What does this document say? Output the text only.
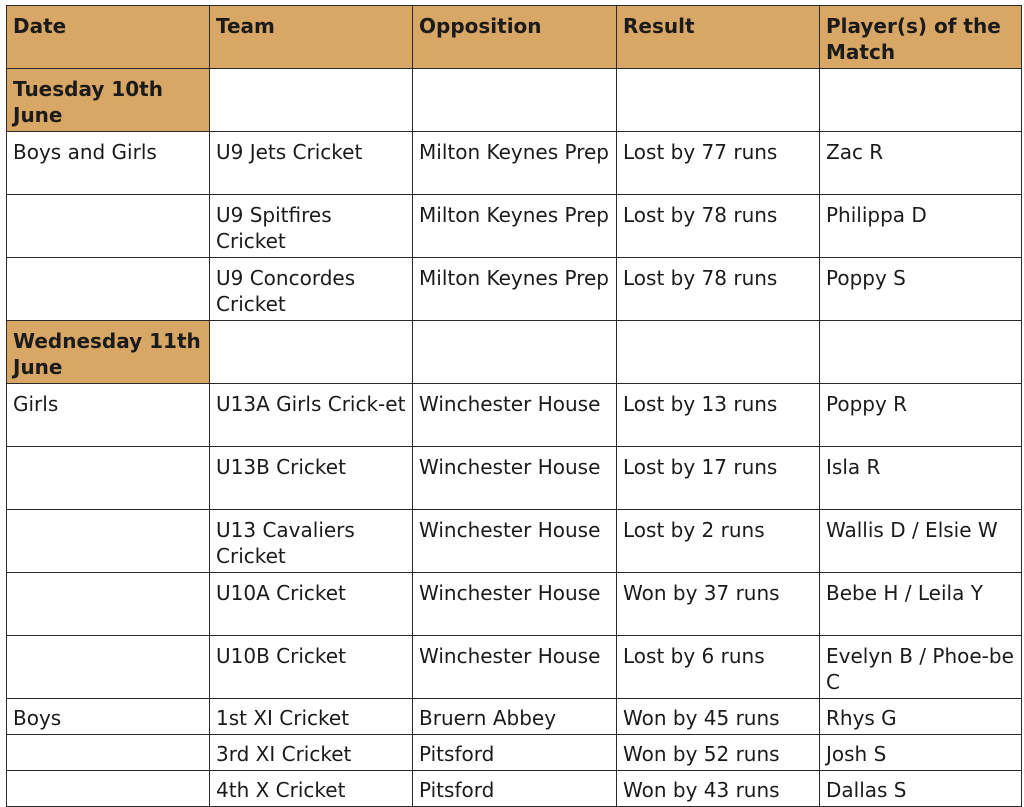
Date	Team	Opposition	Result	Player(s) of the Match
Tuesday 10th June				
Boys and Girls	U9 Jets Cricket	Milton Keynes Prep	Lost by 77 runs	Zac R
	U9 Spitfires Cricket	Milton Keynes Prep	Lost by 78 runs	Philippa D
	U9 Concordes Cricket	Milton Keynes Prep	Lost by 78 runs	Poppy S
Wednesday 11th June				
Girls	U13A Girls Crick-et	Winchester House	Lost by 13 runs	Poppy R
	U13B Cricket	Winchester House	Lost by 17 runs	Isla R
	U13 Cavaliers Cricket	Winchester House	Lost by 2 runs	Wallis D / Elsie W
	U10A Cricket	Winchester House	Won by 37 runs	Bebe H / Leila Y
	U10B Cricket	Winchester House	Lost by 6 runs	Evelyn B / Phoe-be C
Boys	1st XI Cricket	Bruern Abbey	Won by 45 runs	Rhys G
	3rd XI Cricket	Pitsford	Won by 52 runs	Josh S
	4th X Cricket	Pitsford	Won by 43 runs	Dallas S
